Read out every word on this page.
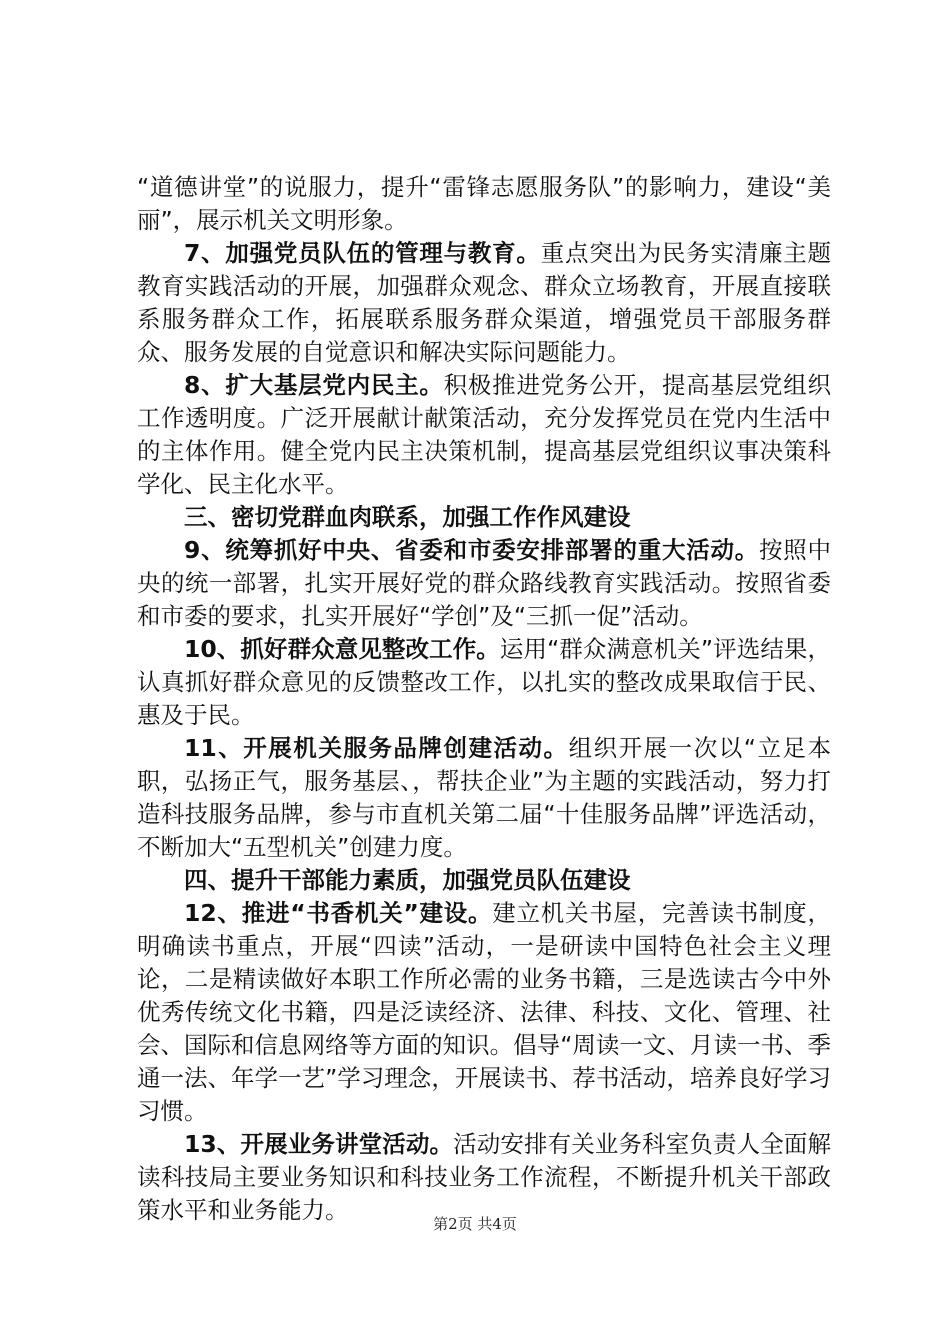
“道德讲堂”的说服力，提升“雷锋志愿服务队”的影响力，建设“美丽”，展示机关文明形象。

7、加强党员队伍的管理与教育。重点突出为民务实清廉主题教育实践活动的开展，加强群众观念、群众立场教育，开展直接联系服务群众工作，拓展联系服务群众渠道，增强党员干部服务群众、服务发展的自觉意识和解决实际问题能力。

8、扩大基层党内民主。积极推进党务公开，提高基层党组织工作透明度。广泛开展献计献策活动，充分发挥党员在党内生活中的主体作用。健全党内民主决策机制，提高基层党组织议事决策科学化、民主化水平。

三、密切党群血肉联系，加强工作作风建设

9、统筹抓好中央、省委和市委安排部署的重大活动。按照中央的统一部署，扎实开展好党的群众路线教育实践活动。按照省委和市委的要求，扎实开展好“学创”及“三抓一促”活动。

10、抓好群众意见整改工作。运用“群众满意机关”评选结果，认真抓好群众意见的反馈整改工作，以扎实的整改成果取信于民、惠及于民。

11、开展机关服务品牌创建活动。组织开展一次以“立足本职，弘扬正气，服务基层、，帮扶企业”为主题的实践活动，努力打造科技服务品牌，参与市直机关第二届“十佳服务品牌”评选活动，不断加大“五型机关”创建力度。

四、提升干部能力素质，加强党员队伍建设

12、推进“书香机关”建设。建立机关书屋，完善读书制度，明确读书重点，开展“四读”活动，一是研读中国特色社会主义理论，二是精读做好本职工作所必需的业务书籍，三是选读古今中外优秀传统文化书籍，四是泛读经济、法律、科技、文化、管理、社会、国际和信息网络等方面的知识。倡导“周读一文、月读一书、季通一法、年学一艺”学习理念，开展读书、荐书活动，培养良好学习习惯。

13、开展业务讲堂活动。活动安排有关业务科室负责人全面解读科技局主要业务知识和科技业务工作流程，不断提升机关干部政策水平和业务能力。	第2页 共4页
